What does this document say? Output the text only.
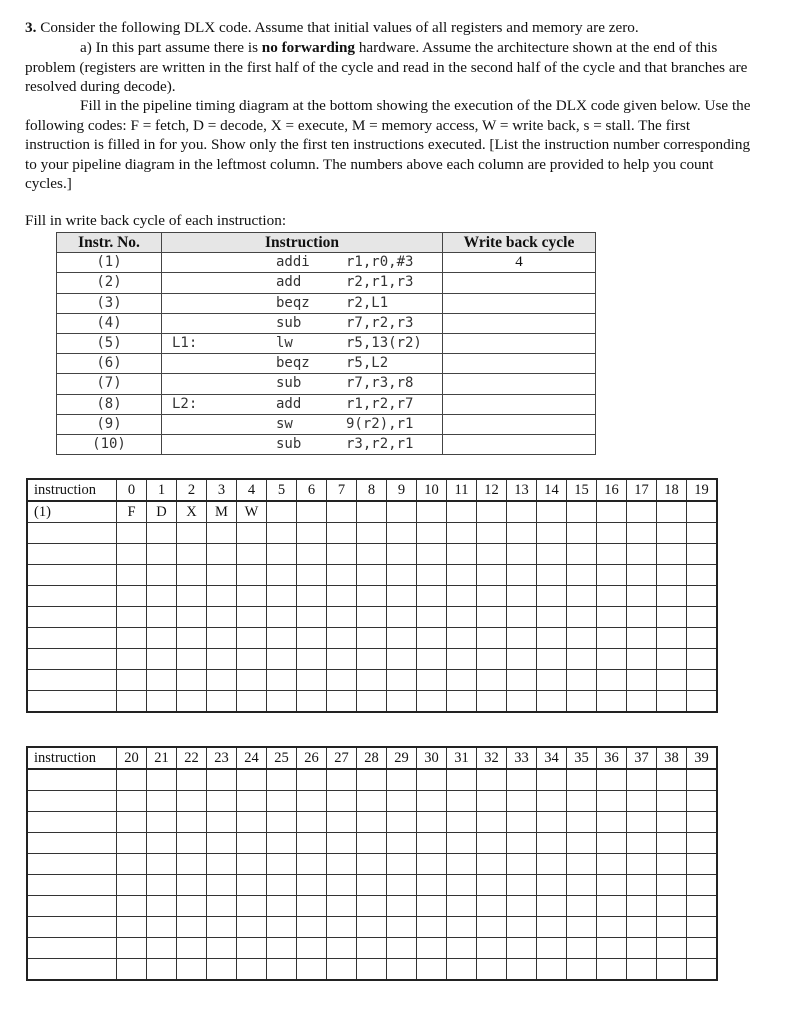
3. Consider the following DLX code. Assume that initial values of all registers and memory are zero.
a) In this part assume there is no forwarding hardware. Assume the architecture shown at the end of this problem (registers are written in the first half of the cycle and read in the second half of the cycle and that branches are resolved during decode).
Fill in the pipeline timing diagram at the bottom showing the execution of the DLX code given below. Use the following codes: F = fetch, D = decode, X = execute, M = memory access, W = write back, s = stall. The first instruction is filled in for you. Show only the first ten instructions executed. [List the instruction number corresponding to your pipeline diagram in the leftmost column. The numbers above each column are provided to help you count cycles.]
Fill in write back cycle of each instruction:
Instr. No.	Instruction			Write back cycle
(1)		addi	r1,r0,#3	4
(2)		add	r2,r1,r3	
(3)		beqz	r2,L1	
(4)		sub	r7,r2,r3	
(5)	L1:	lw	r5,13(r2)	
(6)		beqz	r5,L2	
(7)		sub	r7,r3,r8	
(8)	L2:	add	r1,r2,r7	
(9)		sw	9(r2),r1	
(10)		sub	r3,r2,r1	
instruction	0	1	2	3	4	5	6	7	8	9	10	11	12	13	14	15	16	17	18	19
(1)	F	D	X	M	W															

instruction	20	21	22	23	24	25	26	27	28	29	30	31	32	33	34	35	36	37	38	39
